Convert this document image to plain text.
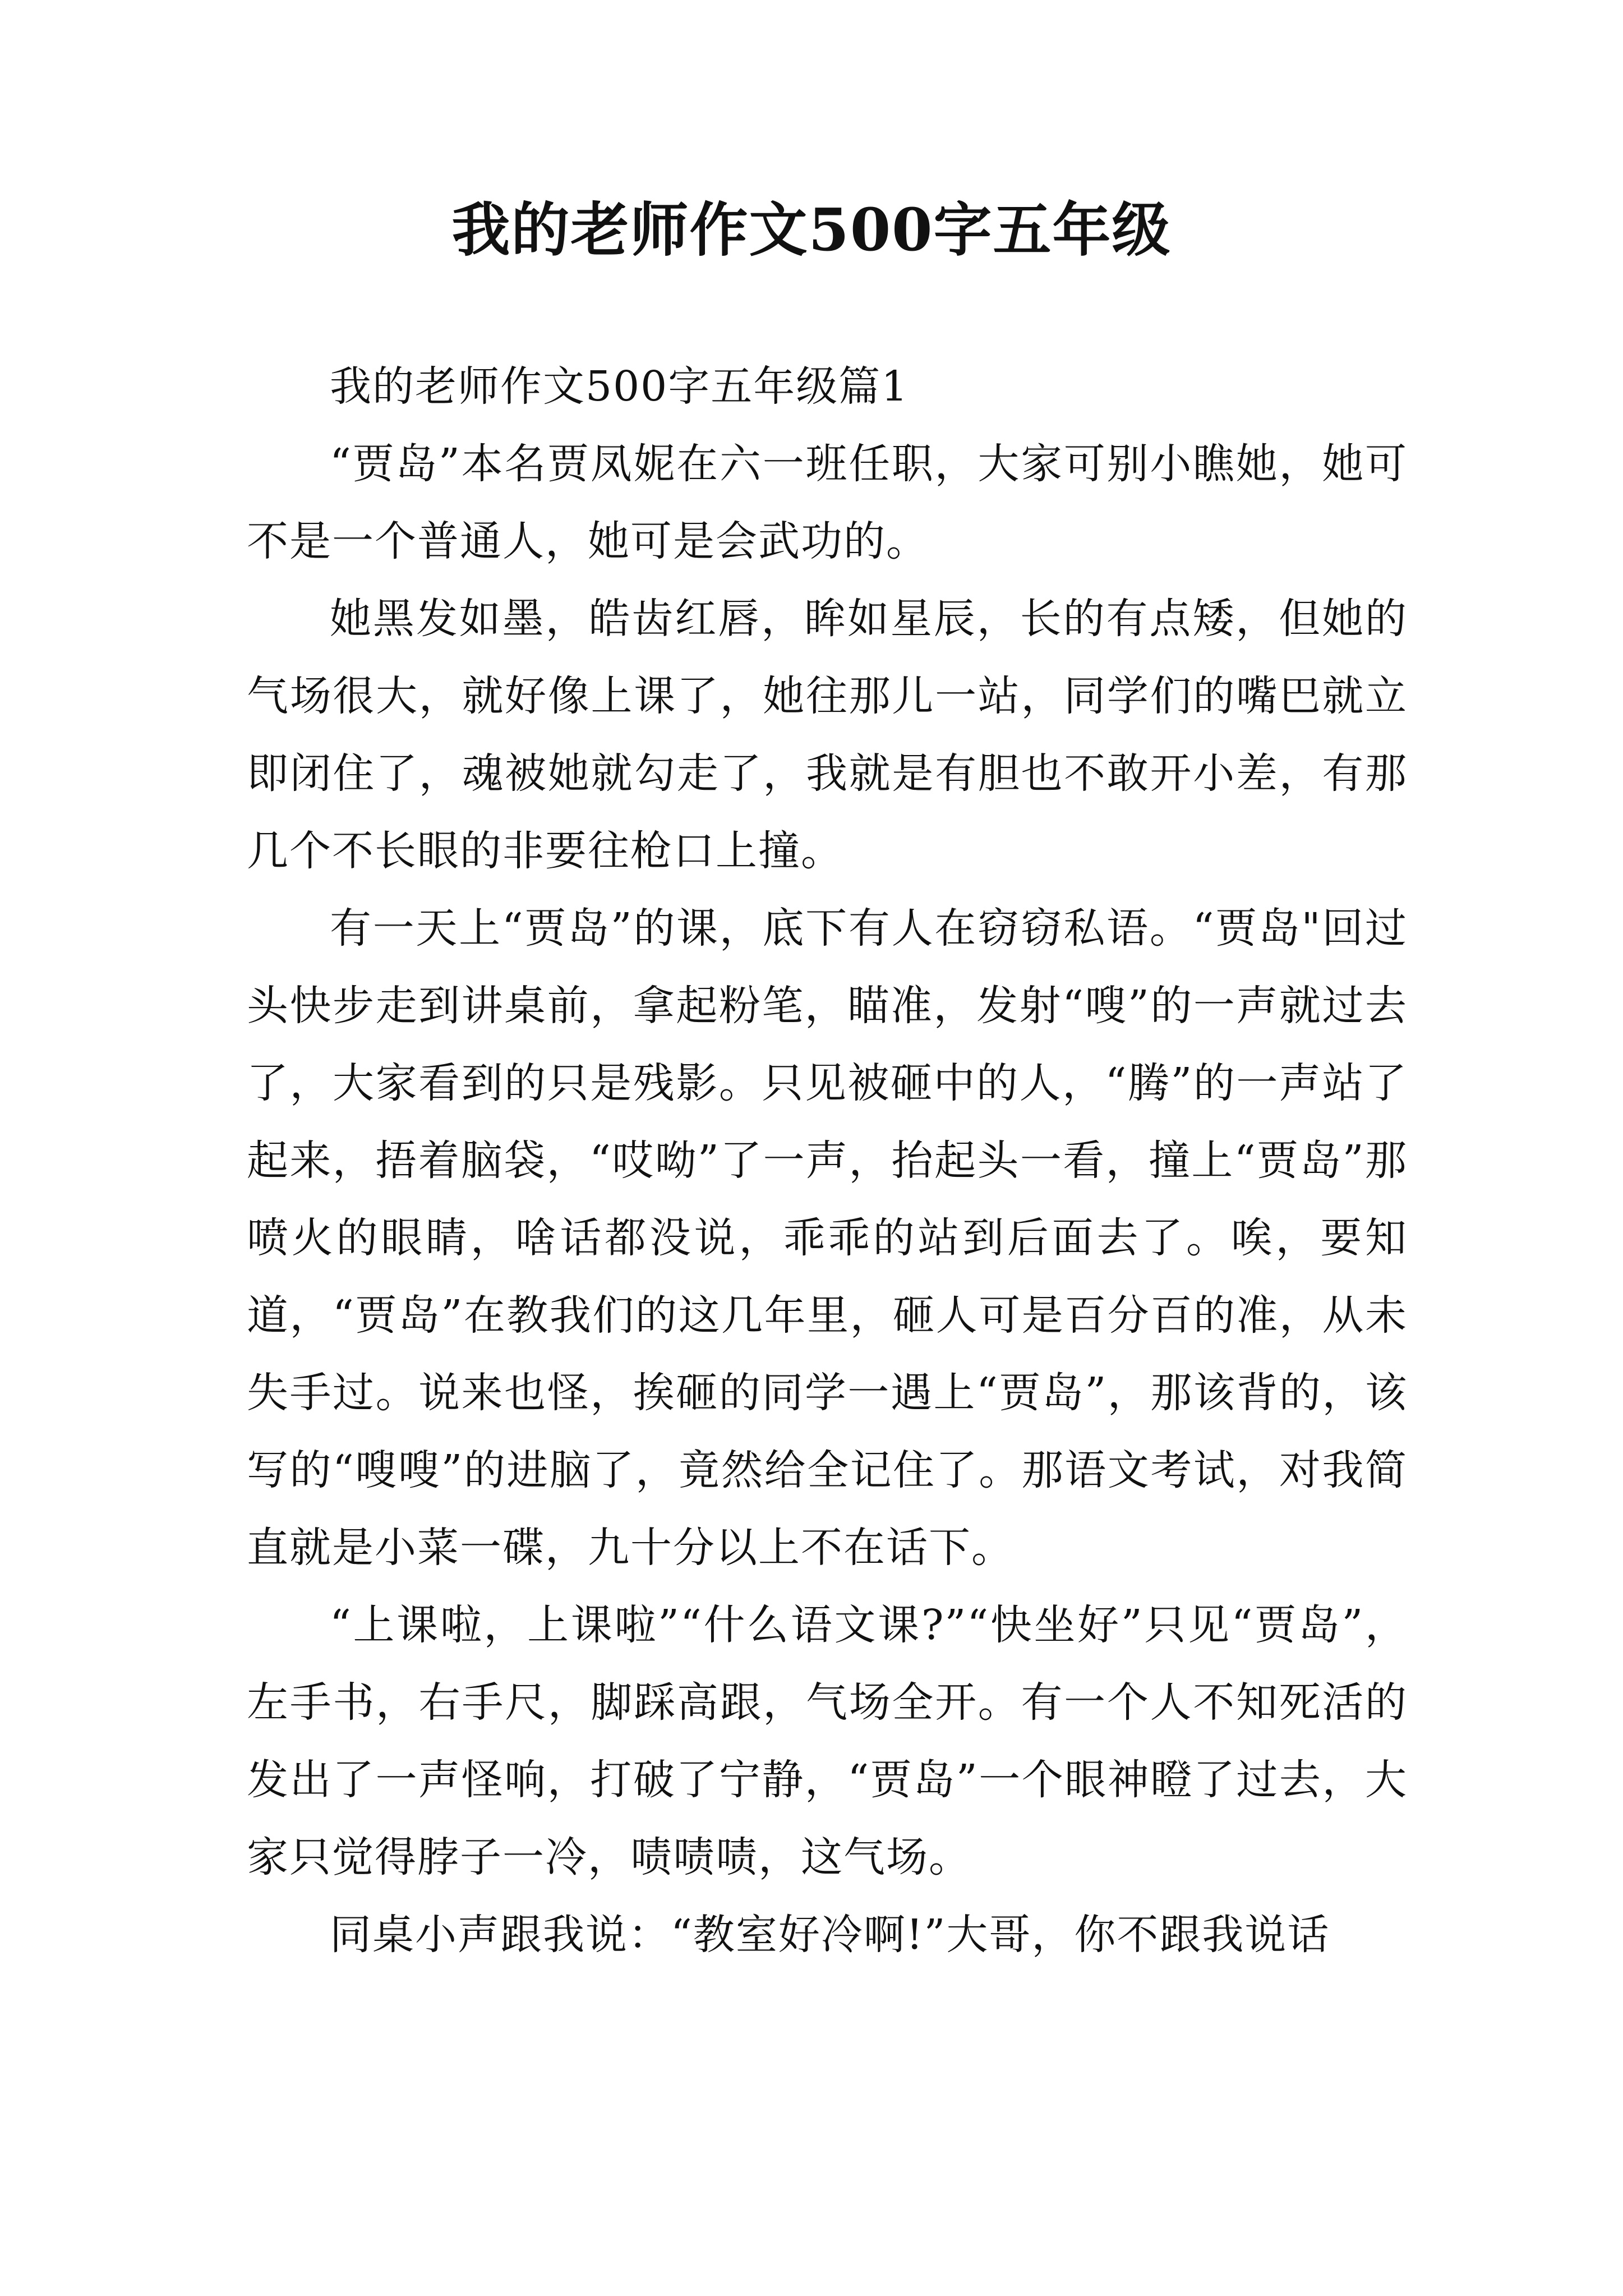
我的老师作文500字五年级

我的老师作文500字五年级篇1

“贾岛”本名贾凤妮在六一班任职，大家可别小瞧她，她可不是一个普通人，她可是会武功的。

她黑发如墨，皓齿红唇，眸如星辰，长的有点矮，但她的气场很大，就好像上课了，她往那儿一站，同学们的嘴巴就立即闭住了，魂被她就勾走了，我就是有胆也不敢开小差，有那几个不长眼的非要往枪口上撞。

有一天上“贾岛”的课，底下有人在窃窃私语。“贾岛"回过头快步走到讲桌前，拿起粉笔，瞄准，发射“嗖”的一声就过去了，大家看到的只是残影。只见被砸中的人，“腾”的一声站了起来，捂着脑袋，“哎呦”了一声，抬起头一看，撞上“贾岛”那喷火的眼睛，啥话都没说，乖乖的站到后面去了。唉，要知道，“贾岛”在教我们的这几年里，砸人可是百分百的准，从未失手过。说来也怪，挨砸的同学一遇上“贾岛”，那该背的，该写的“嗖嗖”的进脑了，竟然给全记住了。那语文考试，对我简直就是小菜一碟，九十分以上不在话下。

“上课啦，上课啦”“什么语文课?”“快坐好”只见“贾岛”，左手书，右手尺，脚踩高跟，气场全开。有一个人不知死活的发出了一声怪响，打破了宁静，“贾岛”一个眼神瞪了过去，大家只觉得脖子一冷，啧啧啧，这气场。

同桌小声跟我说：“教室好冷啊!”大哥，你不跟我说话
